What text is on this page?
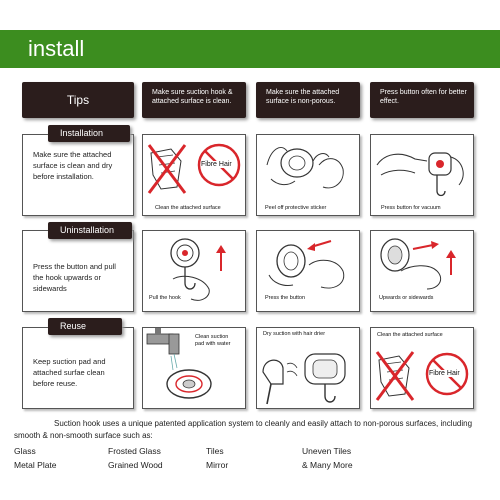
install
Tips
Make sure suction hook & attached surface is clean.
Make sure the attached surface is non-porous.
Press button often for better effect.
Make sure the attached surface is clean and dry before installation.
Installation
Fibre Hair
Clean the attached surface	Peel off protective sticker	Press button for vacuum
Press the button and pull the hook upwards or sidewards
Uninstallation
Pull the hook	Press the button	Upwards or sidewards
Keep suction pad and attached surfae clean before reuse.
Reuse
Clean suction pad with water
Dry suction with hair drier	Clean the attached surface
Fibre Hair
Suction hook uses a unique patented application system to cleanly and easily attach to non-porous surfaces, including smooth & non-smooth surface such as:
Glass	Frosted Glass	Tiles	Uneven Tiles
Metal Plate	Grained Wood	Mirror	& Many More
